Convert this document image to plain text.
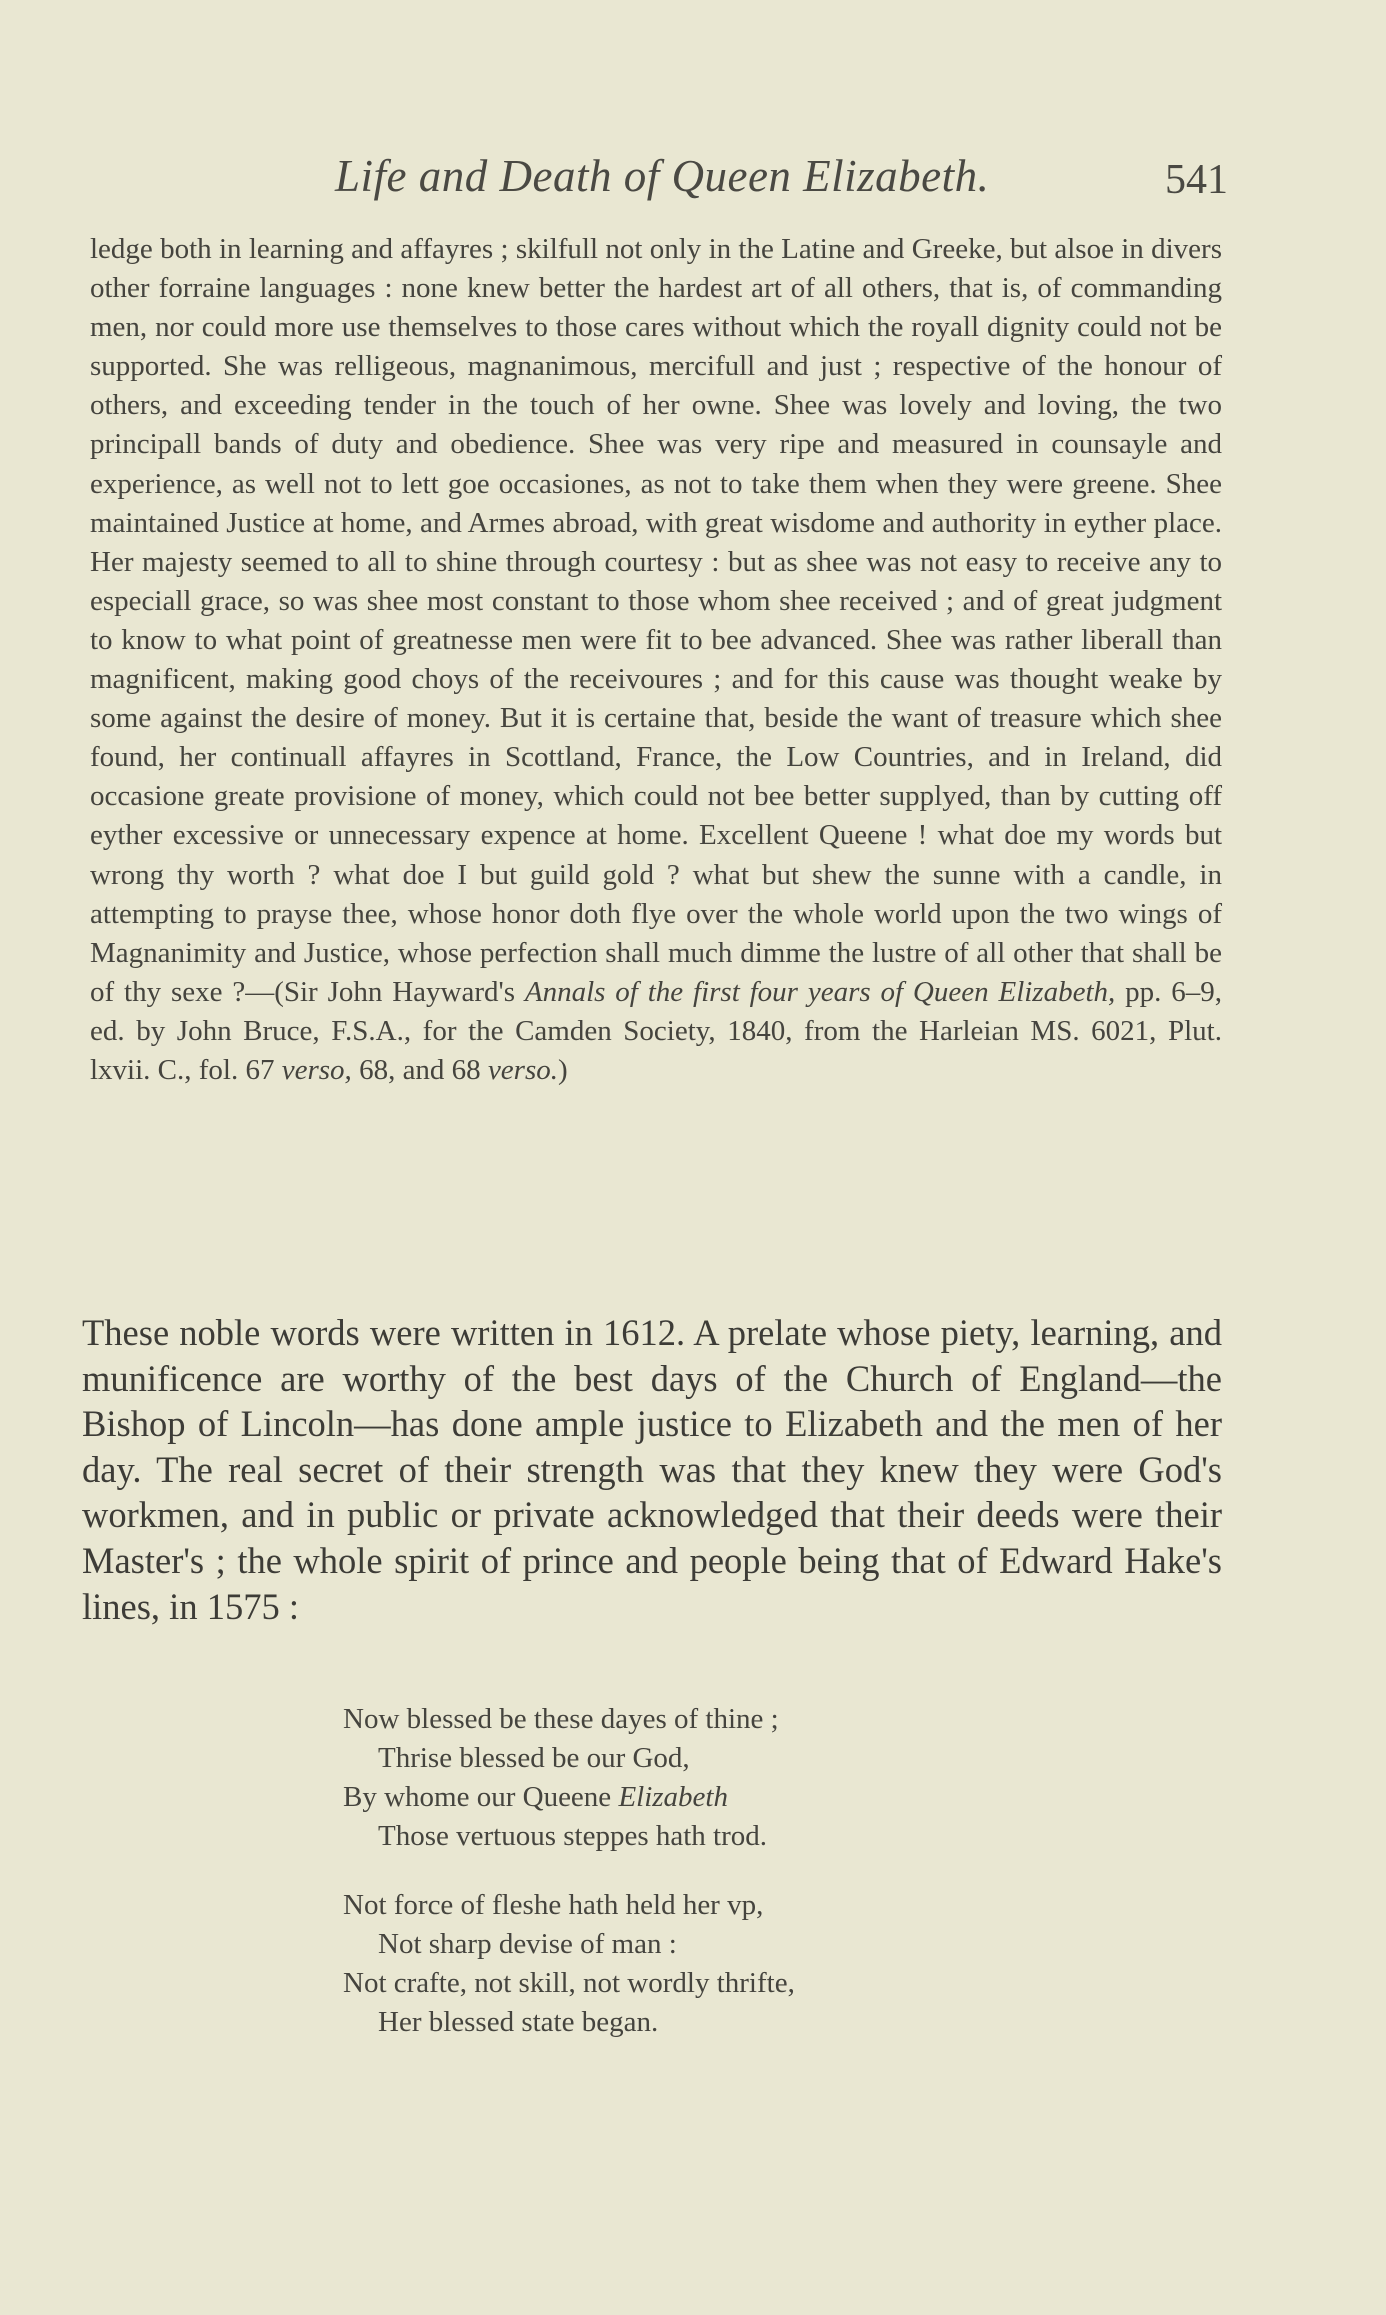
Life and Death of Queen Elizabeth.	541
ledge both in learning and affayres ; skilfull not only in the Latine and Greeke, but alsoe in divers other forraine languages : none knew better the hardest art of all others, that is, of commanding men, nor could more use themselves to those cares without which the royall dignity could not be supported. She was relligeous, magnanimous, mercifull and just ; respective of the honour of others, and exceeding tender in the touch of her owne. Shee was lovely and loving, the two principall bands of duty and obedience. Shee was very ripe and measured in counsayle and experience, as well not to lett goe occasiones, as not to take them when they were greene. Shee maintained Justice at home, and Armes abroad, with great wisdome and authority in eyther place. Her majesty seemed to all to shine through courtesy : but as shee was not easy to receive any to especiall grace, so was shee most constant to those whom shee received ; and of great judgment to know to what point of greatnesse men were fit to bee advanced. Shee was rather liberall than magnificent, making good choys of the receivoures ; and for this cause was thought weake by some against the desire of money. But it is certaine that, beside the want of treasure which shee found, her continuall affayres in Scottland, France, the Low Countries, and in Ireland, did occasione greate provisione of money, which could not bee better supplyed, than by cutting off eyther excessive or unnecessary expence at home. Excellent Queene ! what doe my words but wrong thy worth ? what doe I but guild gold ? what but shew the sunne with a candle, in attempting to prayse thee, whose honor doth flye over the whole world upon the two wings of Magnanimity and Justice, whose perfection shall much dimme the lustre of all other that shall be of thy sexe ?—(Sir John Hayward's Annals of the first four years of Queen Elizabeth, pp. 6–9, ed. by John Bruce, F.S.A., for the Camden Society, 1840, from the Harleian MS. 6021, Plut. lxvii. C., fol. 67 verso, 68, and 68 verso.)
These noble words were written in 1612. A prelate whose piety, learning, and munificence are worthy of the best days of the Church of England—the Bishop of Lincoln—has done ample justice to Elizabeth and the men of her day. The real secret of their strength was that they knew they were God's workmen, and in public or private acknowledged that their deeds were their Master's ; the whole spirit of prince and people being that of Edward Hake's lines, in 1575 :
Now blessed be these dayes of thine ;
Thrise blessed be our God,
By whome our Queene Elizabeth
Those vertuous steppes hath trod.
Not force of fleshe hath held her vp,
Not sharp devise of man :
Not crafte, not skill, not wordly thrifte,
Her blessed state began.
